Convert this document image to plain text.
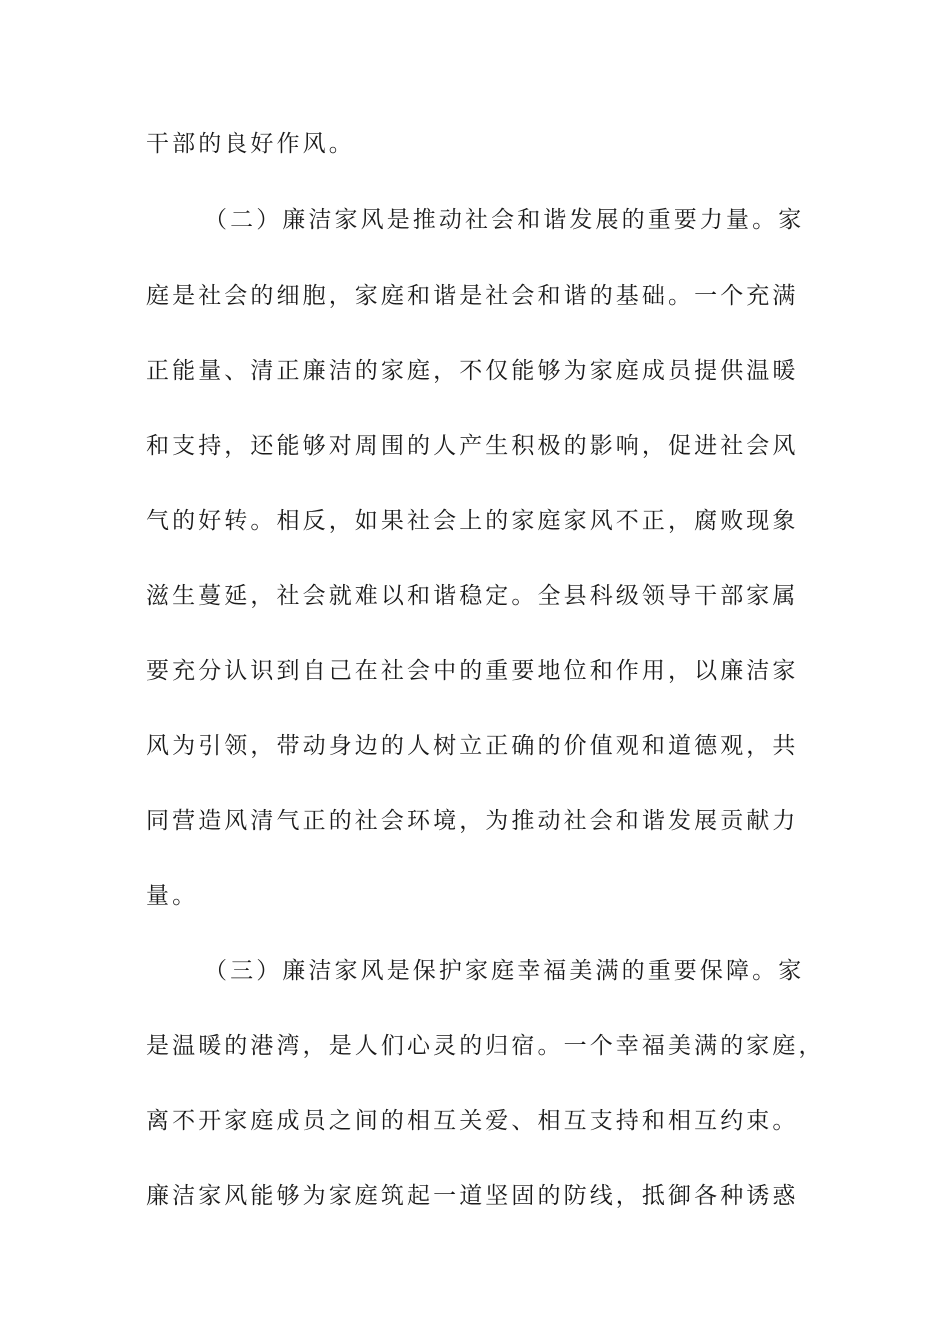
干部的良好作风。
（二）廉洁家风是推动社会和谐发展的重要力量。家
庭是社会的细胞，家庭和谐是社会和谐的基础。一个充满
正能量、清正廉洁的家庭，不仅能够为家庭成员提供温暖
和支持，还能够对周围的人产生积极的影响，促进社会风
气的好转。相反，如果社会上的家庭家风不正，腐败现象
滋生蔓延，社会就难以和谐稳定。全县科级领导干部家属
要充分认识到自己在社会中的重要地位和作用，以廉洁家
风为引领，带动身边的人树立正确的价值观和道德观，共
同营造风清气正的社会环境，为推动社会和谐发展贡献力
量。
（三）廉洁家风是保护家庭幸福美满的重要保障。家
是温暖的港湾，是人们心灵的归宿。一个幸福美满的家庭，
离不开家庭成员之间的相互关爱、相互支持和相互约束。
廉洁家风能够为家庭筑起一道坚固的防线，抵御各种诱惑
